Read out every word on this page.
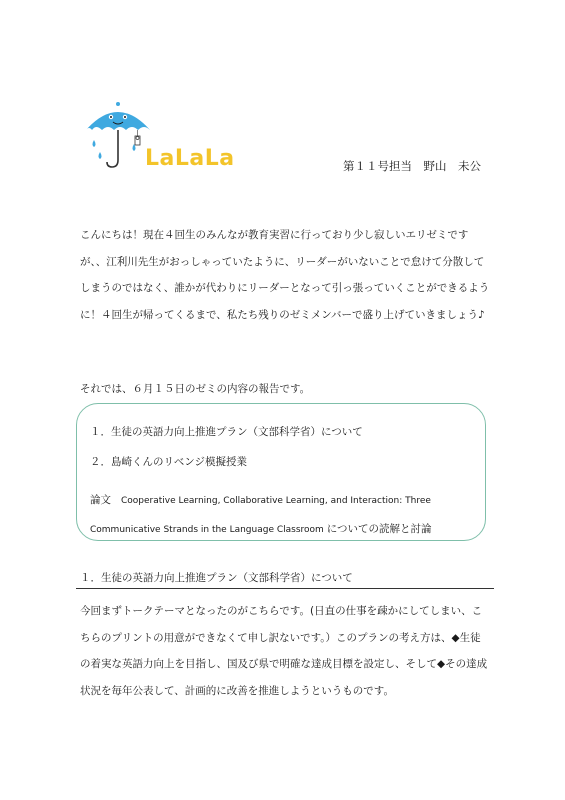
LaLaLa	第１１号担当　野山　未公
こんにちは！現在４回生のみんなが教育実習に行っており少し寂しいエリゼミですが、、江利川先生がおっしゃっていたように、リーダーがいないことで怠けて分散してしまうのではなく、誰かが代わりにリーダーとなって引っ張っていくことができるように！４回生が帰ってくるまで、私たち残りのゼミメンバーで盛り上げていきましょう♪
それでは、６月１５日のゼミの内容の報告です。
１．生徒の英語力向上推進プラン（文部科学省）について
２．島崎くんのリベンジ模擬授業
論文 Cooperative Learning, Collaborative Learning, and Interaction: Three Communicative Strands in the Language Classroom についての読解と討論
１．生徒の英語力向上推進プラン（文部科学省）について
今回まずトークテーマとなったのがこちらです。(日直の仕事を疎かにしてしまい、こちらのプリントの用意ができなくて申し訳ないです。）このプランの考え方は、◆生徒の着実な英語力向上を目指し、国及び県で明確な達成目標を設定し、そして◆その達成状況を毎年公表して、計画的に改善を推進しようというものです。
